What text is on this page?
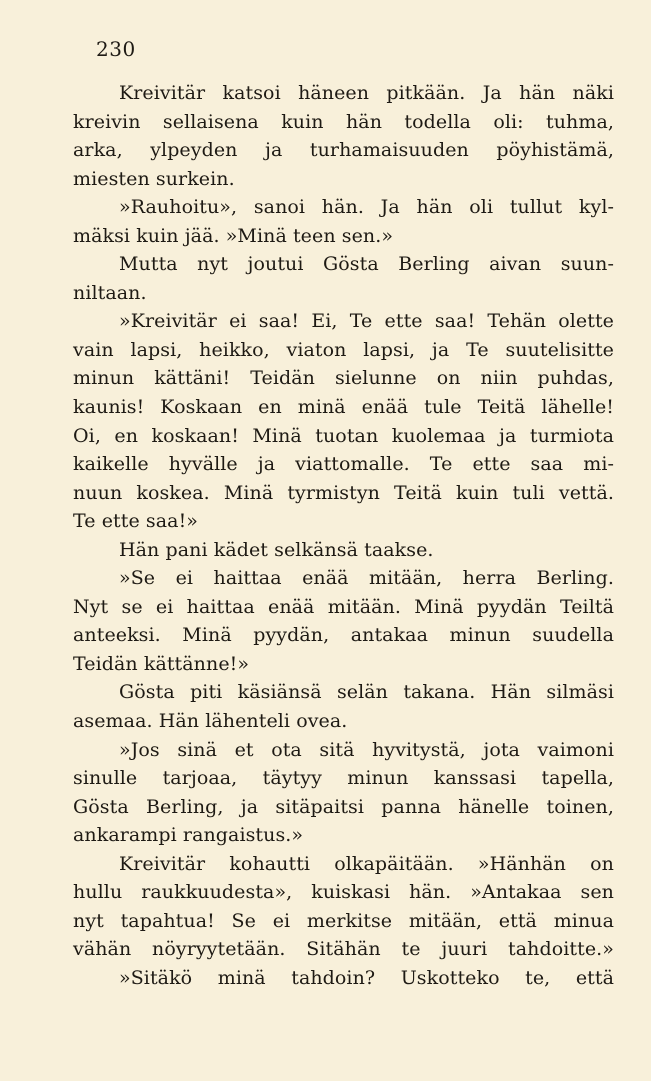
230
Kreivitär katsoi häneen pitkään. Ja hän näki
kreivin sellaisena kuin hän todella oli: tuhma,
arka, ylpeyden ja turhamaisuuden pöyhistämä,
miesten surkein.
»Rauhoitu», sanoi hän. Ja hän oli tullut kyl-
mäksi kuin jää. »Minä teen sen.»
Mutta nyt joutui Gösta Berling aivan suun-
niltaan.
»Kreivitär ei saa! Ei, Te ette saa! Tehän olette
vain lapsi, heikko, viaton lapsi, ja Te suutelisitte
minun kättäni! Teidän sielunne on niin puhdas,
kaunis! Koskaan en minä enää tule Teitä lähelle!
Oi, en koskaan! Minä tuotan kuolemaa ja turmiota
kaikelle hyvälle ja viattomalle. Te ette saa mi-
nuun koskea. Minä tyrmistyn Teitä kuin tuli vettä.
Te ette saa!»
Hän pani kädet selkänsä taakse.
»Se ei haittaa enää mitään, herra Berling.
Nyt se ei haittaa enää mitään. Minä pyydän Teiltä
anteeksi. Minä pyydän, antakaa minun suudella
Teidän kättänne!»
Gösta piti käsiänsä selän takana. Hän silmäsi
asemaa. Hän lähenteli ovea.
»Jos sinä et ota sitä hyvitystä, jota vaimoni
sinulle tarjoaa, täytyy minun kanssasi tapella,
Gösta Berling, ja sitäpaitsi panna hänelle toinen,
ankarampi rangaistus.»
Kreivitär kohautti olkapäitään. »Hänhän on
hullu raukkuudesta», kuiskasi hän. »Antakaa sen
nyt tapahtua! Se ei merkitse mitään, että minua
vähän nöyryytetään. Sitähän te juuri tahdoitte.»
»Sitäkö minä tahdoin? Uskotteko te, että
